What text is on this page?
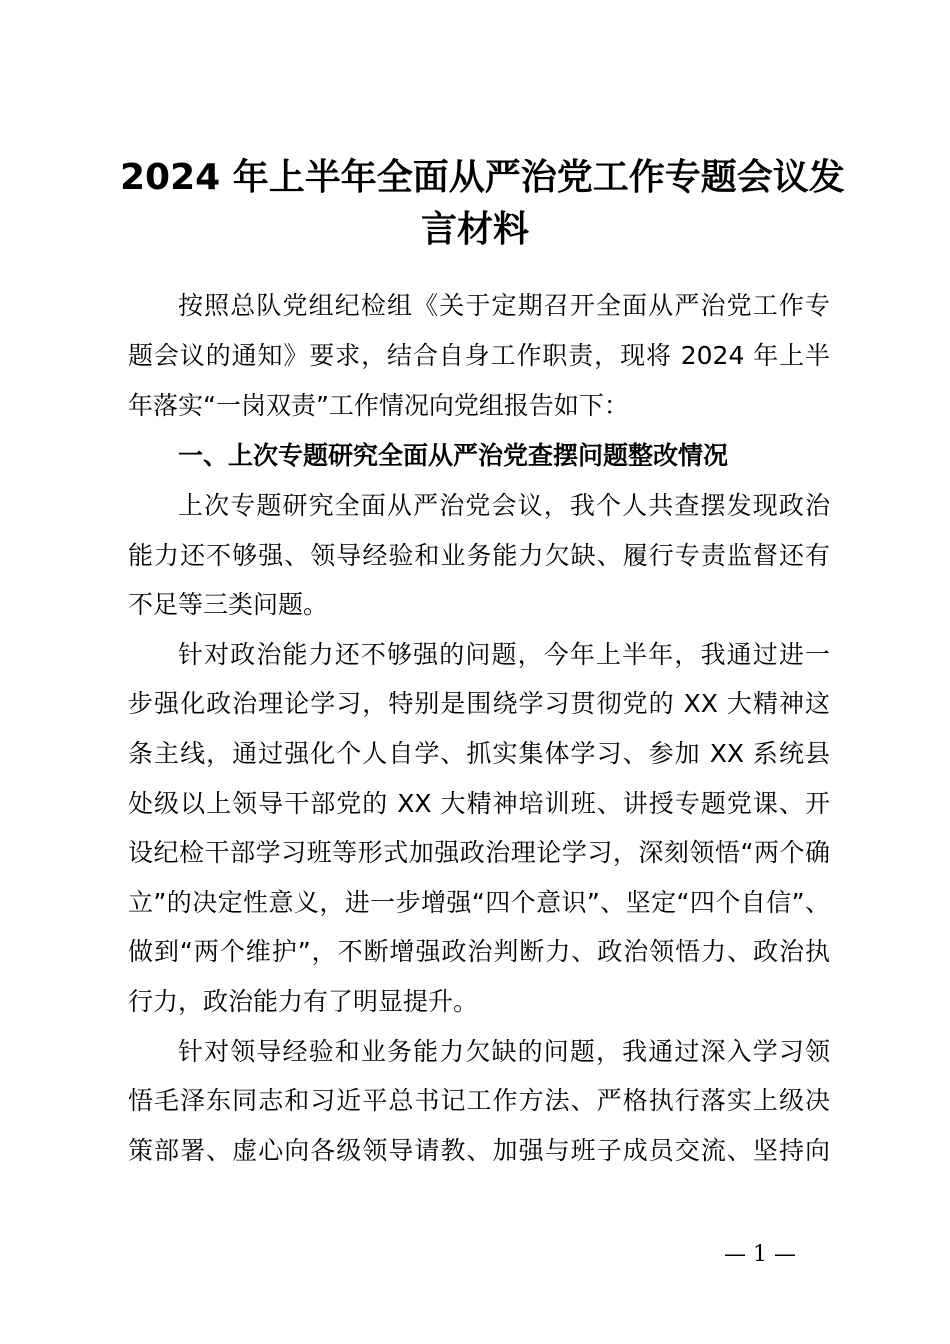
2024 年上半年全面从严治党工作专题会议发
言材料

按照总队党组纪检组《关于定期召开全面从严治党工作专

题会议的通知》要求，结合自身工作职责，现将 2024 年上半

年落实“一岗双责”工作情况向党组报告如下：

一、上次专题研究全面从严治党查摆问题整改情况

上次专题研究全面从严治党会议，我个人共查摆发现政治

能力还不够强、领导经验和业务能力欠缺、履行专责监督还有

不足等三类问题。

针对政治能力还不够强的问题，今年上半年，我通过进一

步强化政治理论学习，特别是围绕学习贯彻党的 XX 大精神这

条主线，通过强化个人自学、抓实集体学习、参加 XX 系统县

处级以上领导干部党的 XX 大精神培训班、讲授专题党课、开

设纪检干部学习班等形式加强政治理论学习，深刻领悟“两个确

立”的决定性意义，进一步增强“四个意识”、坚定“四个自信”、

做到“两个维护”，不断增强政治判断力、政治领悟力、政治执

行力，政治能力有了明显提升。

针对领导经验和业务能力欠缺的问题，我通过深入学习领

悟毛泽东同志和习近平总书记工作方法、严格执行落实上级决

策部署、虚心向各级领导请教、加强与班子成员交流、坚持向

— 1 —
